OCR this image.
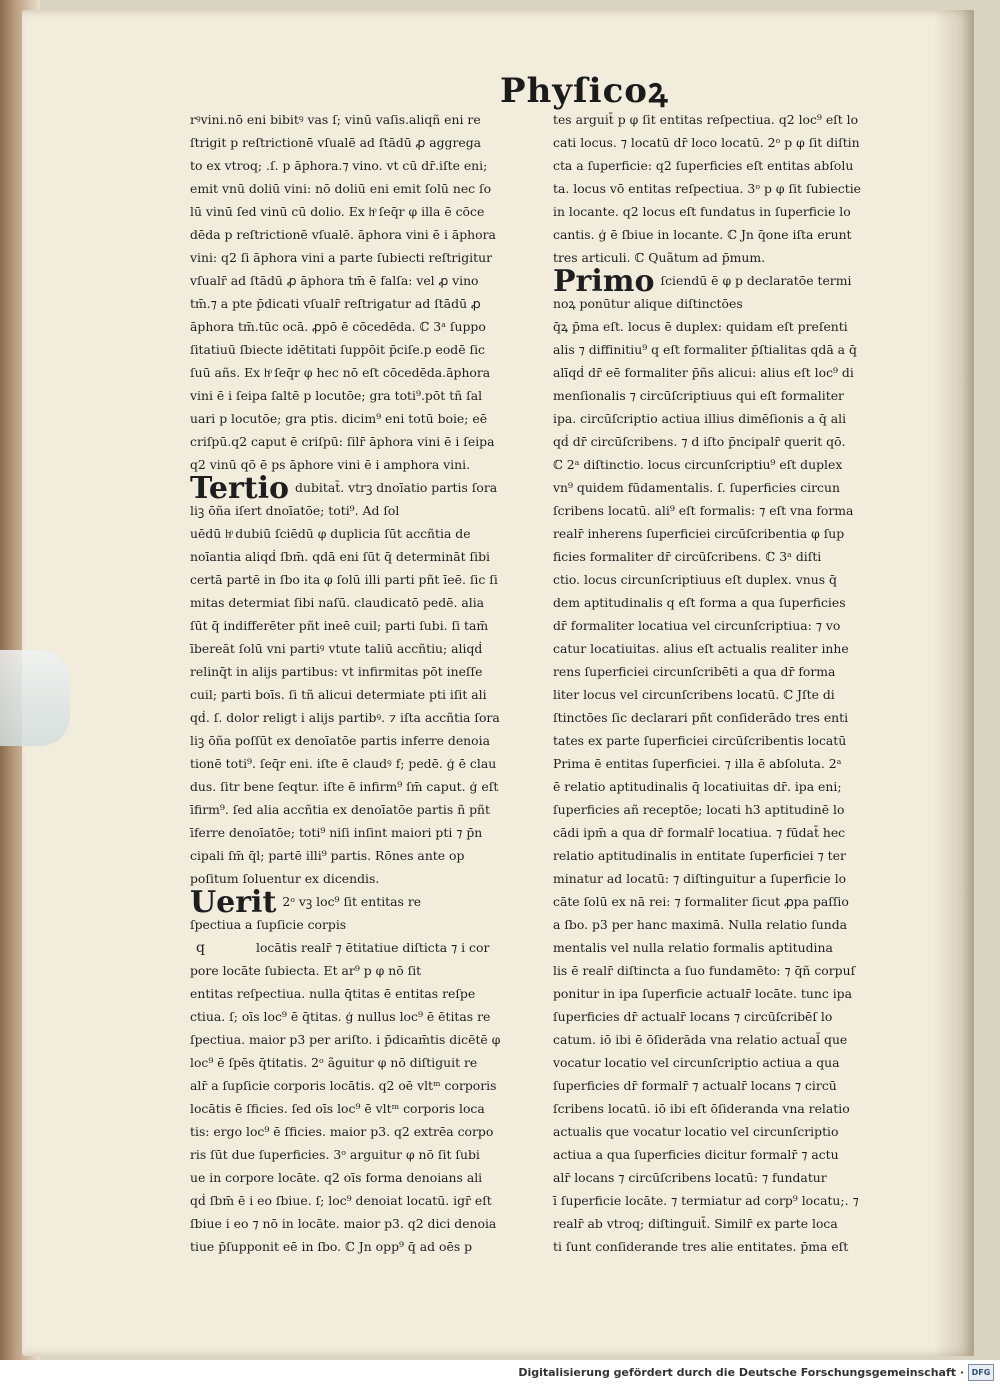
Phyſicoꝝ
rꝰvini.nō eni bibitꝰ vas ſ; vinū vaſis.aliqñ eni re
ſtrigit p reſtrictionē vſualē ad ſtādū ꝓ aggrega
to ex vtroq; .ſ. p āphora.⁊ vino. vt cū dr̄.iſte eni;
emit vnū doliū vini: nō doliū eni emit ſolū nec ſo
lū vinū ſed vinū cū dolio. Ex hͦ ſeq̄r φ illa ē cōce
dēda p reſtrictionē vſualē. āphora vini ē i āphora
vini: q2 ſi āphora vini a parte ſubiecti reſtrigitur
vſualr̄ ad ſtādū ꝓ āphora tm̄ ē falſa: vel ꝓ vino
tm̄.⁊ a pte p̄dicati vſualr̄ reſtrigatur ad ſtādū ꝓ
āphora tm̄.tūc ocā. ꝓpō ē cōcedēda. ℂ 3ᵃ ſuppo
ſitatiuū ſbiecte idētitati ſuppōit p̄ciſe.p eodē ſic
ſuū añs. Ex hͦ ſeq̄r φ hec nō eſt cōcedēda.āphora
vini ē i ſeipa ſaltē p locutōe; gra toti⁹.pōt tñ ſal
uari p locutōe; gra ptis. dicim⁹ eni totū boie; eē
criſpū.q2 caput ē criſpū: ſilr̄ āphora vini ē i ſeipa
q2 vinū qō ē ps āphore vini ē i amphora vini.
Tertio dubitat̄. vtrꝫ dnoīatio partis ſora
liꝫ ōña iſert dnoīatōe; toti⁹. Ad ſol
uēdū hͦ dubiū ſciēdū φ duplicia ſūt accñtia de
noīantia aliqḋ ſbm̄. qdā eni ſūt q̄ determināt ſibi
certā partē in ſbo ita φ ſolū illi parti pñt īeē. ſic ſi
mitas determiat ſibi naſū. claudicatō pedē. alia
ſūt q̄ indifferēter pñt ineē cuil; parti ſubi. ſi tam̄
ībereāt ſolū vni partiꝰ vtute taliū accñtiu; aliqḋ
relinq̄t in alijs partibus: vt infirmitas pōt ineſſe
cuil; parti boīs. ſi tñ alicui determiate pti iſit ali
qḋ. ſ. dolor religt i alijs partibꝰ. ⁊ iſta accñtia ſora
liꝫ ōña poſſūt ex denoīatōe partis inferre denoia
tionē toti⁹. ſeq̄r eni. iſte ē claudꝰ f; pedē. ģ ē clau
dus. ſitr bene ſeqtur. iſte ē infirm⁹ ſm̄ caput. ģ eſt
īfirm⁹. ſed alia accñtia ex denoīatōe partis ñ pñt
īferre denoīatōe; toti⁹ niſi inſint maiori pti ⁊ p̄n
cipali ſm̄ q̄l; partē illi⁹ partis. Rōnes ante op
poſitum ſoluentur ex dicendis.
Uerit 2ᵒ vꝫ loc⁹ ſit entitas re
ſpectiua a ſupſicie corpis
q	locātis realr̄ ⁊ ētitatiue diſticta ⁊ i cor
pore locāte ſubiecta. Et ar⁹ p φ nō ſit
entitas reſpectiua. nulla q̄titas ē entitas reſpe
ctiua. ſ; oīs loc⁹ ē q̄titas. ģ nullus loc⁹ ē ētitas re
ſpectiua. maior p3 per ariſto. i p̄dicam̄tis dicētē φ
loc⁹ ē ſpēs q̄titatis. 2ᵒ ãguitur φ nō diſtiguit re
alr̄ a ſupſicie corporis locātis. q2 oē vltᵐ corporis
locātis ē ſficies. ſed oīs loc⁹ ē vltᵐ corporis loca
tis: ergo loc⁹ ē ſficies. maior p3. q2 extrēa corpo
ris ſūt due ſuperficies. 3ᵒ arguitur φ nō ſit ſubi
ue in corpore locāte. q2 oīs forma denoians ali
qḋ ſbm̄ ē i eo ſbiue. ſ; loc⁹ denoiat locatū. igr̄ eſt
ſbiue i eo ⁊ nō in locāte. maior p3. q2 dici denoia
tiue p̄ſupponit eē in ſbo. ℂ Jn opp⁹ q̄ ad oēs p
tes arguit̄ p φ ſit entitas reſpectiua. q2 loc⁹ eſt lo
cati locus. ⁊ locatū dr̄ loco locatū. 2ᵒ p φ ſit diſtin
cta a ſuperficie: q2 ſuperficies eſt entitas abſolu
ta. locus vō entitas reſpectiua. 3ᵒ p φ ſit ſubiectie
in locante. q2 locus eſt fundatus in ſuperficie lo
cantis. ģ ē ſbiue in locante. ℂ Jn q̄one iſta erunt
tres articuli. ℂ Quãtum ad p̄mum.
Primo ſciendū ē φ p declaratōe termi
noꝝ ponūtur alique diſtinctōes
q̄ꝝ p̄ma eſt. locus ē duplex: quidam eſt preſenti
alis ⁊ diffinitiu⁹ q eſt formaliter p̄ſtialitas qdā a q̄
alīqḋ dr̄ eē formaliter p̄ñs alicui: alius eſt loc⁹ di
menſionalis ⁊ circūſcriptiuus qui eſt formaliter
ipa. circūſcriptio actiua illius dimēſionis a q̄ ali
qḋ dr̄ circūſcribens. ⁊ d iſto p̄ncipalr̄ querit qō.
ℂ 2ᵃ diſtinctio. locus circunſcriptiu⁹ eſt duplex
vn⁹ quidem fūdamentalis. ſ. ſuperficies circun
ſcribens locatū. ali⁹ eſt formalis: ⁊ eſt vna forma
realr̄ inherens ſuperficiei circūſcribentia φ ſup
ficies formaliter dr̄ circūſcribens. ℂ 3ᵃ diſti
ctio. locus circunſcriptiuus eſt duplex. vnus q̄
dem aptitudinalis q eſt forma a qua ſuperficies
dr̄ formaliter locatiua vel circunſcriptiua: ⁊ vo
catur locatiuitas. alius eſt actualis realiter inhe
rens ſuperficiei circunſcribēti a qua dr̄ forma
liter locus vel circunſcribens locatū. ℂ Jſte di
ſtinctōes ſic declarari pñt conſiderādo tres enti
tates ex parte ſuperficiei circūſcribentis locatū
Prima ē entitas ſuperficiei. ⁊ illa ē abſoluta. 2ᵃ
ē relatio aptitudinalis q̄ locatiuitas dr̄. ipa eni;
ſuperficies añ receptōe; locati h3 aptitudinē lo
cādi ipm̄ a qua dr̄ formalr̄ locatiua. ⁊ fūdat̄ hec
relatio aptitudinalis in entitate ſuperficiei ⁊ ter
minatur ad locatū: ⁊ diſtinguitur a ſuperficie lo
cāte ſolū ex nā rei: ⁊ formaliter ſicut ꝓpa paſſio
a ſbo. p3 per hanc maximā. Nulla relatio ſunda
mentalis vel nulla relatio formalis aptitudina
lis ē realr̄ diſtincta a ſuo fundamēto: ⁊ q̄ñ corpuſ
ponitur in ipa ſuperficie actualr̄ locāte. tunc ipa
ſuperficies dr̄ actualr̄ locans ⁊ circūſcribēſ lo
catum. iō ibi ē ōſiderāda vna relatio actual̄ que
vocatur locatio vel circunſcriptio actiua a qua
ſuperficies dr̄ formalr̄ ⁊ actualr̄ locans ⁊ circū
ſcribens locatū. iō ibi eſt ōſideranda vna relatio
actualis que vocatur locatio vel circunſcriptio
actiua a qua ſuperficies dicitur formalr̄ ⁊ actu
alr̄ locans ⁊ circūſcribens locatū: ⁊ fundatur
ī ſuperficie locāte. ⁊ termiatur ad corp⁹ locatu;. ⁊
realr̄ ab vtroq; diſtinguit̄. Similr̄ ex parte loca
ti ſunt conſiderande tres alie entitates. p̄ma eſt
Digitalisierung gefördert durch die Deutsche Forschungsgemeinschaft · DFG
